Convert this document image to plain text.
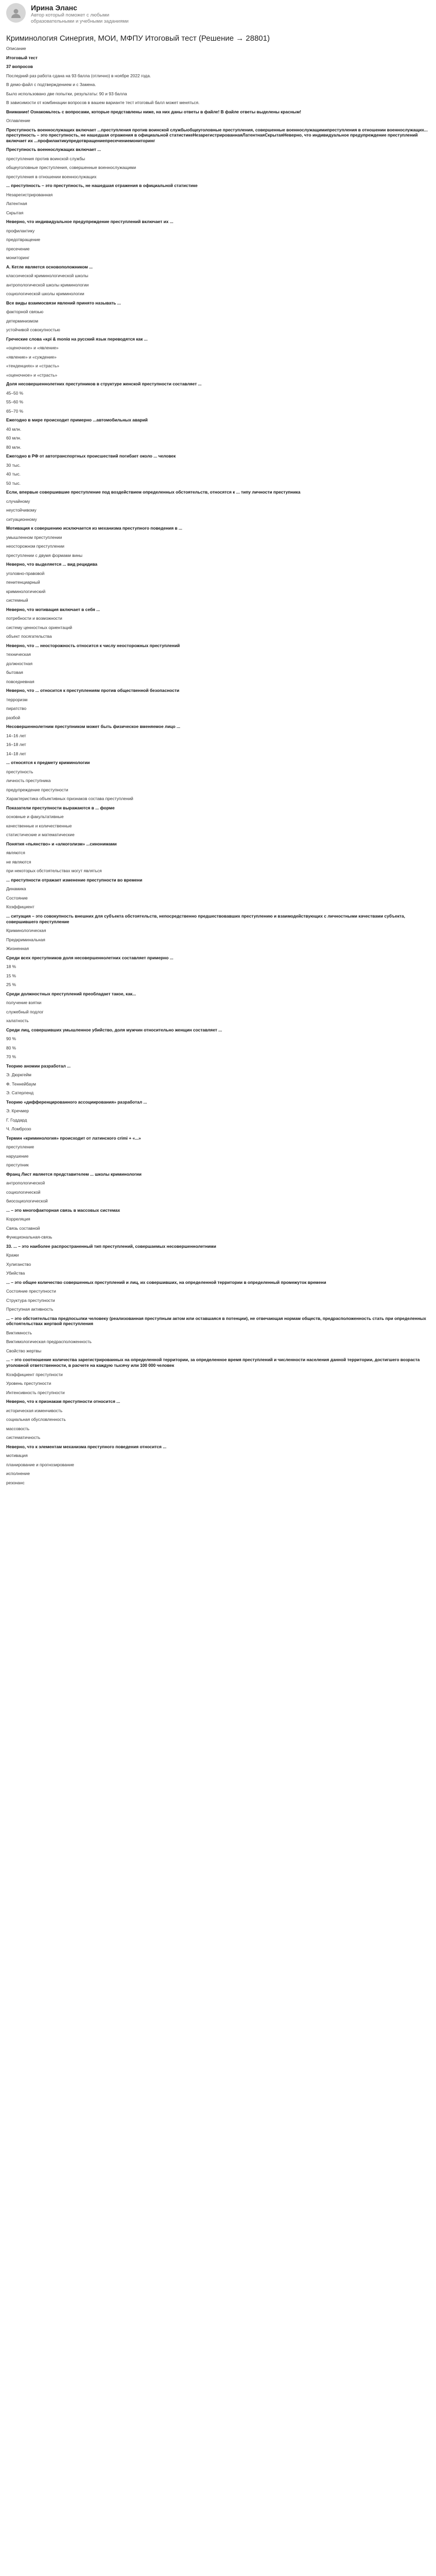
Ирина Эланс
Автор который поможет с любыми образовательными и учебными заданиями
Криминология Синергия, МОИ, МФПУ Итоговый тест (Решение → 28801)
Описание
Итоговый тест
37 вопросов
Последний раз работа сдана на 93 балла (отлично) в ноябре 2022 года.
В демо-файл с подтверждением и с Замена.
Было использовано две попытки, результаты: 90 и 93 балла
В зависимости от комбинации вопросов в вашем варианте тест итоговый балл может меняться.
Внимание! Ознакомьтесь с вопросами, которые представлены ниже, на них даны ответы в файле! В файле ответы выделены красным!
Оглавление
Преступность военнослужащих включает ...преступления против воинской службыобщеуголовные преступления, совершенные военнослужащимипреступления в отношении военнослужащих... преступность – это преступность, не нашедшая отражения в официальной статистикеНезарегистрированнаяЛатентнаяСкрытаяНеверно, что индивидуальное предупреждение преступлений включает их ...профилактикупредотвращениепресечениемониторинг
Преступность военнослужащих включает ...
преступления против воинской службы
общеуголовные преступления, совершенные военнослужащими
преступления в отношении военнослужащих
... преступность – это преступность, не нашедшая отражения в официальной статистике
Незарегистрированная
Латентная
Скрытая
Неверно, что индивидуальное предупреждение преступлений включает их ...
профилактику
предотвращение
пресечение
мониторинг
А. Кетле является основоположником ...
классической криминологической школы
антропологической школы криминологии
социологической школы криминологии
Все виды взаимосвязи явлений принято называть ...
факторной связью
детерминизмом
устойчивой совокупностью
Греческие слова «κρί & mοnία на русский язык переводятся как ...
«оценочное» и «явление»
«явление» и «суждение»
«тенденциях» и «страсть»
«оценочное» и «страсть»
Доля несовершеннолетних преступников в структуре женской преступности составляет ...
45–50 %
55–60 %
65–70 %
Ежегодно в мире происходит примерно ...автомобильных аварий
40 млн.
60 млн.
80 млн.
Ежегодно в РФ от автотранспортных происшествий погибает около ... человек
30 тыс.
40 тыс.
50 тыс.
Если, впервые совершившие преступление под воздействием определенных обстоятельств, относятся к ... типу личности преступника
случайному
неустойчивому
ситуационному
Мотивация к совершению исключается из механизма преступного поведения в ...
умышленном преступлении
неосторожном преступлении
преступлении с двумя формами вины
Неверно, что выделяется ... вид рецидива
уголовно-правовой
пенитенциарный
криминологический
системный
Неверно, что мотивация включает в себя ...
потребности и возможности
систему ценностных ориентаций
объект посягательства
Неверно, что ... неосторожность относится к числу неосторожных преступлений
техническая
должностная
бытовая
повседневная
Неверно, что ... относится к преступлениям против общественной безопасности
терроризм
пиратство
разбой
Несовершеннолетним преступником может быть физическое вменяемое лицо ...
14–16 лет
16–18 лет
14–18 лет
... относятся к предмету криминологии
преступность
личность преступника
предупреждение преступности
Характеристика объективных признаков состава преступлений
Показатели преступности выражаются в ... форме
основные и факультативные
качественные и количественные
статистические и математические
Понятия «пьянство» и «алкоголизм» ...синонимами
являются
не являются
при некоторых обстоятельствах могут являться
... преступности отражает изменение преступности во времени
Динамика
Состояние
Коэффициент
... ситуация – это совокупность внешних для субъекта обстоятельств, непосредственно предшествовавших преступлению и взаимодействующих с личностными качествами субъекта, совершившего преступление
Криминологическая
Предкриминальная
Жизненная
Среди всех преступников доля несовершеннолетних составляет примерно ...
18 %
15 %
25 %
Среди должностных преступлений преобладает такое, как...
получение взятки
служебный подлог
халатность
Среди лиц, совершивших умышленное убийство, доля мужчин относительно женщин составляет ...
90 %
80 %
70 %
Теорию аномии разработал ...
Э. Дюркгейм
Ф. Теннейбаум
Э. Сатерленд
Теорию «дифференцированного ассоциирования» разработал ...
Э. Кречмер
Г. Годдард
Ч. Ломброзо
Термин «криминология» происходит от латинского crimi + «...»
преступление
нарушение
преступник
Франц Лист является представителем ... школы криминологии
антропологической
социологической
биосоциологической
... – это многофакторная связь в массовых системах
Корреляция
Связь составной
Функциональная-связь
33. ... – это наиболее распространенный тип преступлений, совершаемых несовершеннолетними
Кражи
Хулиганство
Убийства
... – это общее количество совершенных преступлений и лиц, их совершивших, на определенной территории в определенный промежуток времени
Состояние преступности
Структура преступности
Преступная активность
... – это обстоятельства предпосылки человеку (реализованная преступным актом или оставшаяся в потенции), не отвечающая нормам обществ, предрасположенность стать при определенных обстоятельствах жертвой преступления
Виктимность
Виктимологическая предрасположенность
Свойство жертвы
... – это соотношение количества зарегистрированных на определенной территории, за определенное время преступлений и численности населения данной территории, достигшего возраста уголовной ответственности, в расчете на каждую тысячу или 100 000 человек
Коэффициент преступности
Уровень преступности
Интенсивность преступности
Неверно, что к признакам преступности относится ...
историческая изменчивость
социальная обусловленность
массовость
систематичность
Неверно, что к элементам механизма преступного поведения относится ...
мотивация
планирование и прогнозирование
исполнение
резонанс
